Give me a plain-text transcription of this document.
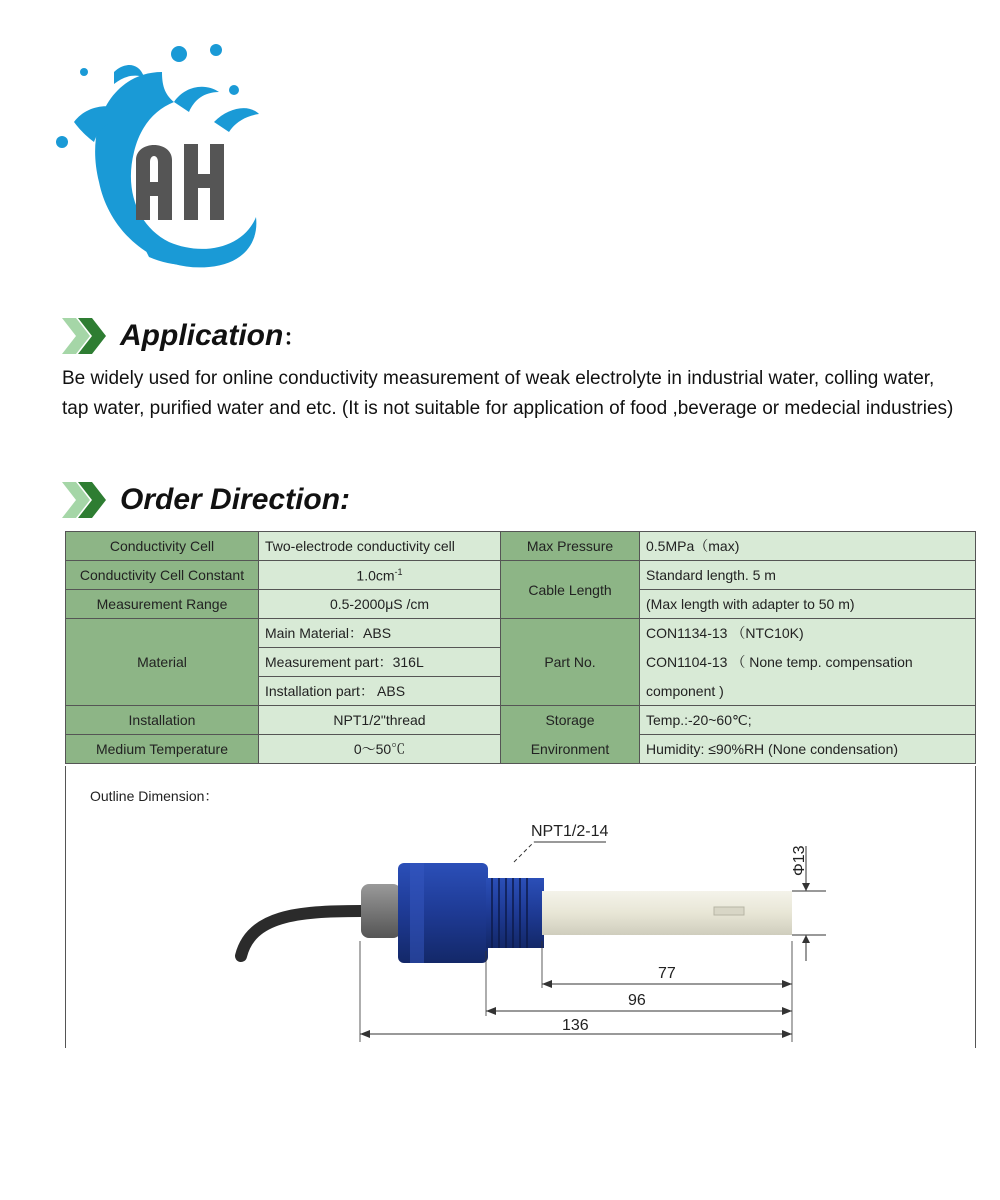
Application ：
Be widely used for online conductivity measurement of weak electrolyte in industrial water, colling water, tap water, purified water and etc. (It is not suitable for application of food ,beverage or medecial industries)
Order Direction:
Conductivity Cell	Two-electrode conductivity cell	Max Pressure	0.5MPa（max)
Conductivity Cell Constant	$1.0cm^{-1}$	Cable Length	Standard length. 5 m
Measurement Range	0.5-2000μS /cm		(Max length with adapter to 50 m)
Material	Main Material：ABS	Part No.	CON1134-13 （NTC10K)
	Measurement part：316L		CON1104-13 （ None temp. compensation
	Installation part： ABS		component )
Installation	NPT1/2"thread	Storage	Temp.:-20~60℃;
Medium Temperature	0～50℃	Environment	Humidity: ≤90%RH (None condensation)
Outline Dimension：
NPT1/2-14
Φ13
77
96
136
